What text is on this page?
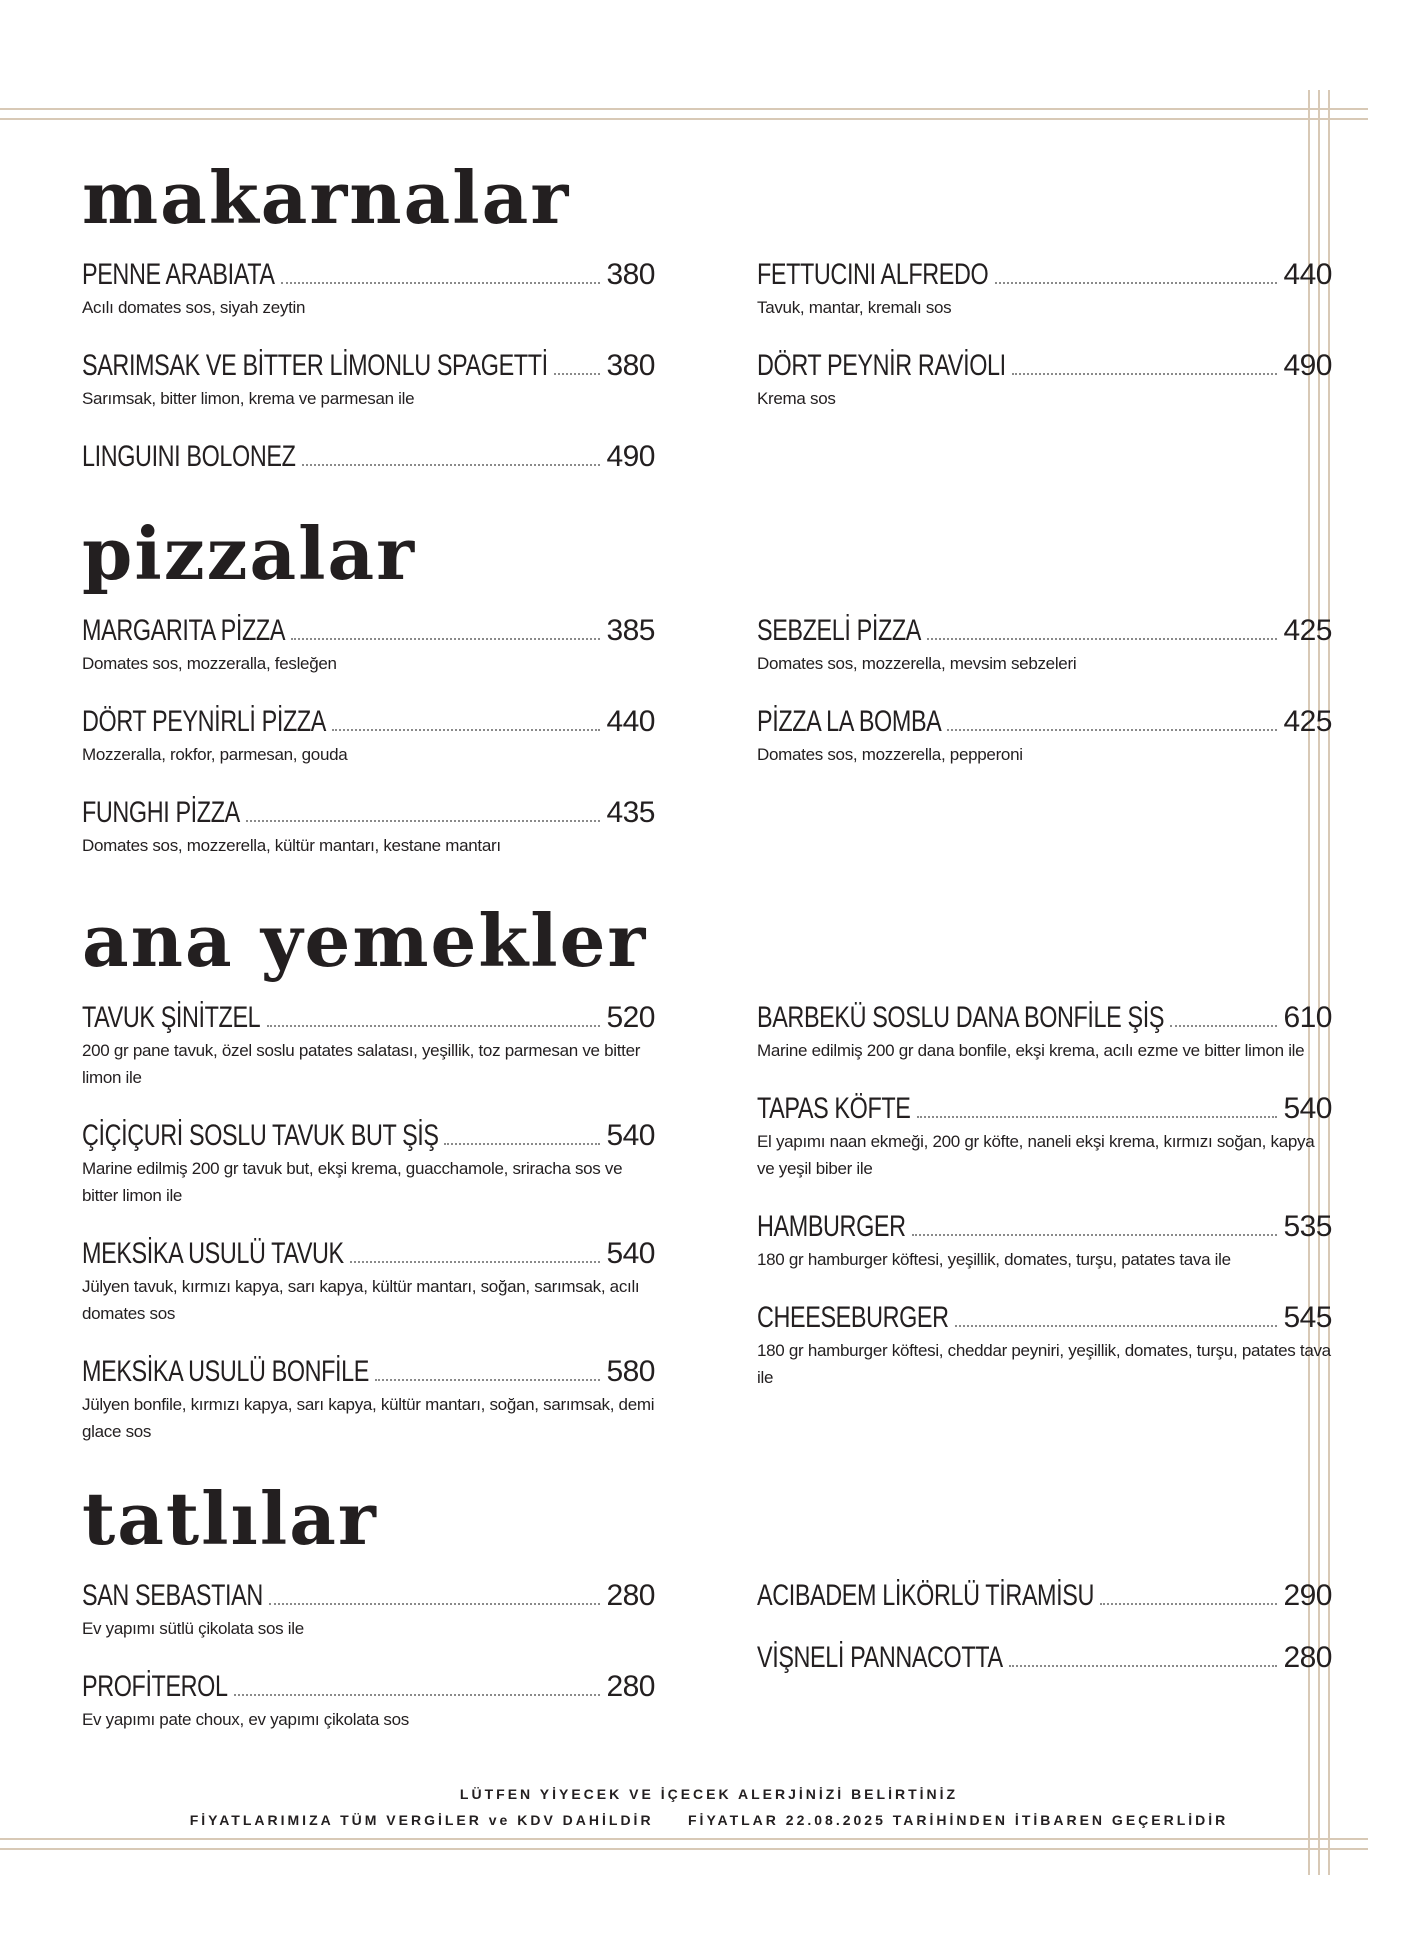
makarnalar
PENNE ARABIATA	380
Acılı domates sos, siyah zeytin
SARIMSAK VE BİTTER LİMONLU SPAGETTİ 380
Sarımsak, bitter limon, krema ve parmesan ile
LINGUINI BOLONEZ	490
FETTUCINI ALFREDO	440
Tavuk, mantar, kremalı sos
DÖRT PEYNİR RAVİOLI	490
Krema sos
pizzalar
MARGARITA PİZZA	385
Domates sos, mozzeralla, fesleğen
DÖRT PEYNİRLİ PİZZA	440
Mozzeralla, rokfor, parmesan, gouda
FUNGHI PİZZA	435
Domates sos, mozzerella, kültür mantarı, kestane mantarı
SEBZELİ PİZZA	425
Domates sos, mozzerella, mevsim sebzeleri
PİZZA LA BOMBA	425
Domates sos, mozzerella, pepperoni
ana yemekler
TAVUK ŞİNİTZEL	520
200 gr pane tavuk, özel soslu patates salatası, yeşillik, toz parmesan ve bitter limon ile
ÇİÇİÇURİ SOSLU TAVUK BUT ŞİŞ	540
Marine edilmiş 200 gr tavuk but, ekşi krema, guacchamole, sriracha sos ve bitter limon ile
MEKSİKA USULÜ TAVUK	540
Jülyen tavuk, kırmızı kapya, sarı kapya, kültür mantarı, soğan, sarımsak, acılı domates sos
MEKSİKA USULÜ BONFİLE	580
Jülyen bonfile, kırmızı kapya, sarı kapya, kültür mantarı, soğan, sarımsak, demi glace sos
BARBEKÜ SOSLU DANA BONFİLE ŞİŞ	610
Marine edilmiş 200 gr dana bonfile, ekşi krema, acılı ezme ve bitter limon ile
TAPAS KÖFTE	540
El yapımı naan ekmeği, 200 gr köfte, naneli ekşi krema, kırmızı soğan, kapya ve yeşil biber ile
HAMBURGER	535
180 gr hamburger köftesi, yeşillik, domates, turşu, patates tava ile
CHEESEBURGER	545
180 gr hamburger köftesi, cheddar peyniri, yeşillik, domates, turşu, patates tava ile
tatlılar
SAN SEBASTIAN	280
Ev yapımı sütlü çikolata sos ile
PROFİTEROL	280
Ev yapımı pate choux, ev yapımı çikolata sos
ACIBADEM LİKÖRLÜ TİRAMİSU	290
VİŞNELİ PANNACOTTA	280
LÜTFEN YİYECEK VE İÇECEK ALERJİNİZİ BELİRTİNİZ
FİYATLARIMIZA TÜM VERGİLER ve KDV DAHİLDİR     FİYATLAR 22.08.2025 TARİHİNDEN İTİBAREN GEÇERLİDİR
